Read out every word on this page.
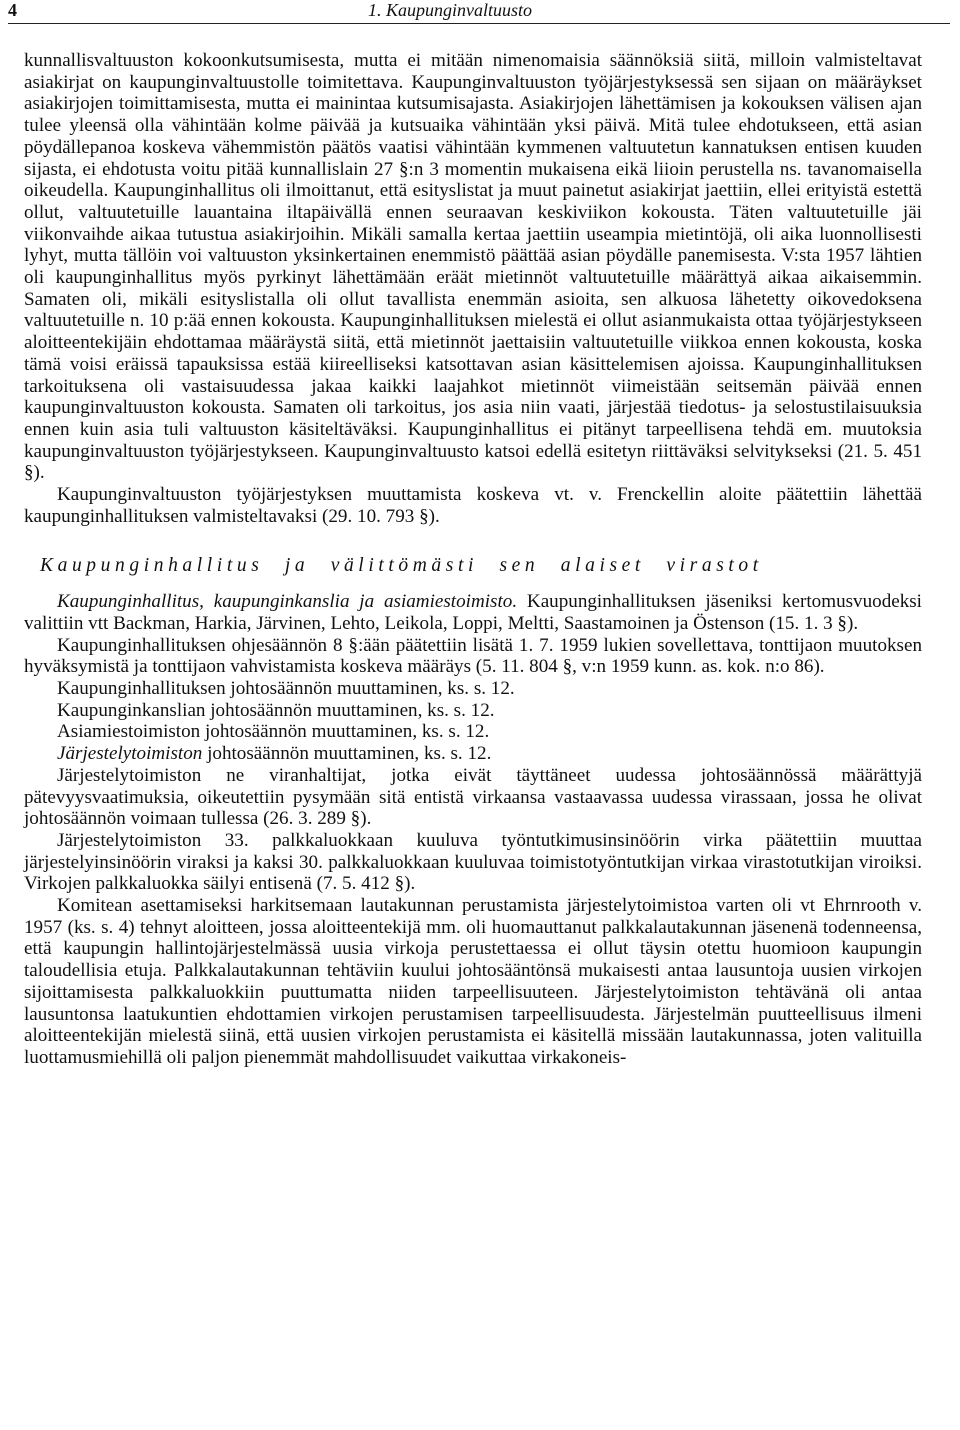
4	1. Kaupunginvaltuusto

kunnallisvaltuuston kokoonkutsumisesta, mutta ei mitään nimenomaisia säännöksiä siitä, milloin valmisteltavat asiakirjat on kaupunginvaltuustolle toimitettava. Kaupunginvaltuuston työjärjestyksessä sen sijaan on määräykset asiakirjojen toimittamisesta, mutta ei mainintaa kutsumisajasta. Asiakirjojen lähettämisen ja kokouksen välisen ajan tulee yleensä olla vähintään kolme päivää ja kutsuaika vähintään yksi päivä. Mitä tulee ehdotukseen, että asian pöydällepanoa koskeva vähemmistön päätös vaatisi vähintään kymmenen valtuutetun kannatuksen entisen kuuden sijasta, ei ehdotusta voitu pitää kunnallislain 27 §:n 3 momentin mukaisena eikä liioin perustella ns. tavanomaisella oikeudella. Kaupunginhallitus oli ilmoittanut, että esityslistat ja muut painetut asiakirjat jaettiin, ellei erityistä estettä ollut, valtuutetuille lauantaina iltapäivällä ennen seuraavan keskiviikon kokousta. Täten valtuutetuille jäi viikonvaihde aikaa tutustua asiakirjoihin. Mikäli samalla kertaa jaettiin useampia mietintöjä, oli aika luonnollisesti lyhyt, mutta tällöin voi valtuuston yksinkertainen enemmistö päättää asian pöydälle panemisesta. V:sta 1957 lähtien oli kaupunginhallitus myös pyrkinyt lähettämään eräät mietinnöt valtuutetuille määrättyä aikaa aikaisemmin. Samaten oli, mikäli esityslistalla oli ollut tavallista enemmän asioita, sen alkuosa lähetetty oikovedoksena valtuutetuille n. 10 p:ää ennen kokousta. Kaupunginhallituksen mielestä ei ollut asianmukaista ottaa työjärjestykseen aloitteentekijäin ehdottamaa määräystä siitä, että mietinnöt jaettaisiin valtuutetuille viikkoa ennen kokousta, koska tämä voisi eräissä tapauksissa estää kiireelliseksi katsottavan asian käsittelemisen ajoissa. Kaupunginhallituksen tarkoituksena oli vastaisuudessa jakaa kaikki laajahkot mietinnöt viimeistään seitsemän päivää ennen kaupunginvaltuuston kokousta. Samaten oli tarkoitus, jos asia niin vaati, järjestää tiedotus- ja selostustilaisuuksia ennen kuin asia tuli valtuuston käsiteltäväksi. Kaupunginhallitus ei pitänyt tarpeellisena tehdä em. muutoksia kaupunginvaltuuston työjärjestykseen. Kaupunginvaltuusto katsoi edellä esitetyn riittäväksi selvitykseksi (21. 5. 451 §).

Kaupunginvaltuuston työjärjestyksen muuttamista koskeva vt. v. Frenckellin aloite päätettiin lähettää kaupunginhallituksen valmisteltavaksi (29. 10. 793 §).

Kaupunginhallitus ja välittömästi sen alaiset virastot

Kaupunginhallitus, kaupunginkanslia ja asiamiestoimisto. Kaupunginhallituksen jäseniksi kertomusvuodeksi valittiin vtt Backman, Harkia, Järvinen, Lehto, Leikola, Loppi, Meltti, Saastamoinen ja Östenson (15. 1. 3 §).

Kaupunginhallituksen ohjesäännön 8 §:ään päätettiin lisätä 1. 7. 1959 lukien sovellettava, tonttijaon muutoksen hyväksymistä ja tonttijaon vahvistamista koskeva määräys (5. 11. 804 §, v:n 1959 kunn. as. kok. n:o 86).

Kaupunginhallituksen johtosäännön muuttaminen, ks. s. 12.

Kaupunginkanslian johtosäännön muuttaminen, ks. s. 12.

Asiamiestoimiston johtosäännön muuttaminen, ks. s. 12.

Järjestelytoimiston johtosäännön muuttaminen, ks. s. 12.

Järjestelytoimiston ne viranhaltijat, jotka eivät täyttäneet uudessa johtosäännössä määrättyjä pätevyysvaatimuksia, oikeutettiin pysymään sitä entistä virkaansa vastaavassa uudessa virassaan, jossa he olivat johtosäännön voimaan tullessa (26. 3. 289 §).

Järjestelytoimiston 33. palkkaluokkaan kuuluva työntutkimusinsinöörin virka päätettiin muuttaa järjestelyinsinöörin viraksi ja kaksi 30. palkkaluokkaan kuuluvaa toimistotyöntutkijan virkaa virastotutkijan viroiksi. Virkojen palkkaluokka säilyi entisenä (7. 5. 412 §).

Komitean asettamiseksi harkitsemaan lautakunnan perustamista järjestelytoimistoa varten oli vt Ehrnrooth v. 1957 (ks. s. 4) tehnyt aloitteen, jossa aloitteentekijä mm. oli huomauttanut palkkalautakunnan jäsenenä todenneensa, että kaupungin hallintojärjestelmässä uusia virkoja perustettaessa ei ollut täysin otettu huomioon kaupungin taloudellisia etuja. Palkkalautakunnan tehtäviin kuului johtosääntönsä mukaisesti antaa lausuntoja uusien virkojen sijoittamisesta palkkaluokkiin puuttumatta niiden tarpeellisuuteen. Järjestelytoimiston tehtävänä oli antaa lausuntonsa laatukuntien ehdottamien virkojen perustamisen tarpeellisuudesta. Järjestelmän puutteellisuus ilmeni aloitteentekijän mielestä siinä, että uusien virkojen perustamista ei käsitellä missään lautakunnassa, joten valituilla luottamusmiehillä oli paljon pienemmät mahdollisuudet vaikuttaa virkakoneis-
